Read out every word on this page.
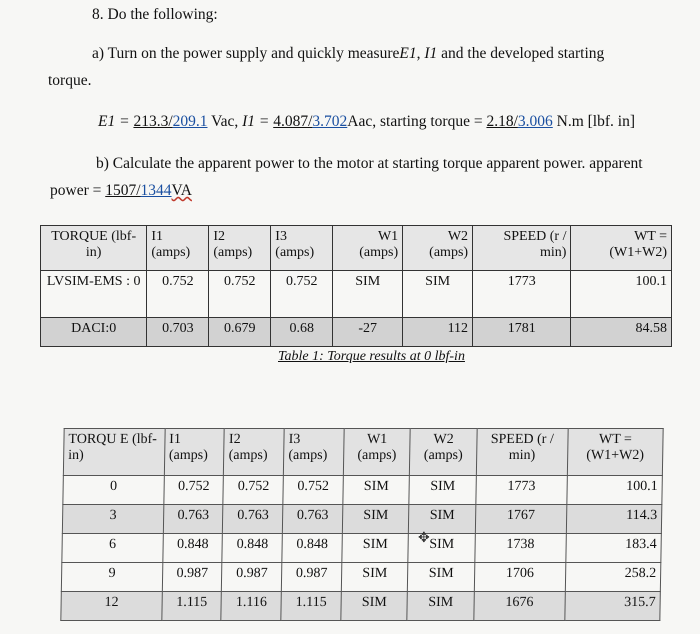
8. Do the following:
a) Turn on the power supply and quickly measureE1, I1 and the developed starting
torque.
E1 = 213.3/209.1 Vac, I1 = 4.087/3.702Aac, starting torque = 2.18/3.006 N.m [lbf. in]
b) Calculate the apparent power to the motor at starting torque apparent power. apparent
power = 1507/1344VA
TORQUE (lbf-in)	I1 (amps)	I2 (amps)	I3 (amps)	W1 (amps)	W2 (amps)	SPEED (r / min)	WT = (W1+W2)
LVSIM-EMS : 0	0.752	0.752	0.752	SIM	SIM	1773	100.1
DACI:0	0.703	0.679	0.68	-27	112	1781	84.58
Table 1: Torque results at 0 lbf-in
TORQU E (lbf-in)	I1 (amps)	I2 (amps)	I3 (amps)	W1 (amps)	W2 (amps)	SPEED (r / min)	WT = (W1+W2)
0	0.752	0.752	0.752	SIM	SIM	1773	100.1
3	0.763	0.763	0.763	SIM	SIM	1767	114.3
6	0.848	0.848	0.848	SIM	SIM	1738	183.4
9	0.987	0.987	0.987	SIM	SIM	1706	258.2
12	1.115	1.116	1.115	SIM	SIM	1676	315.7
✥
